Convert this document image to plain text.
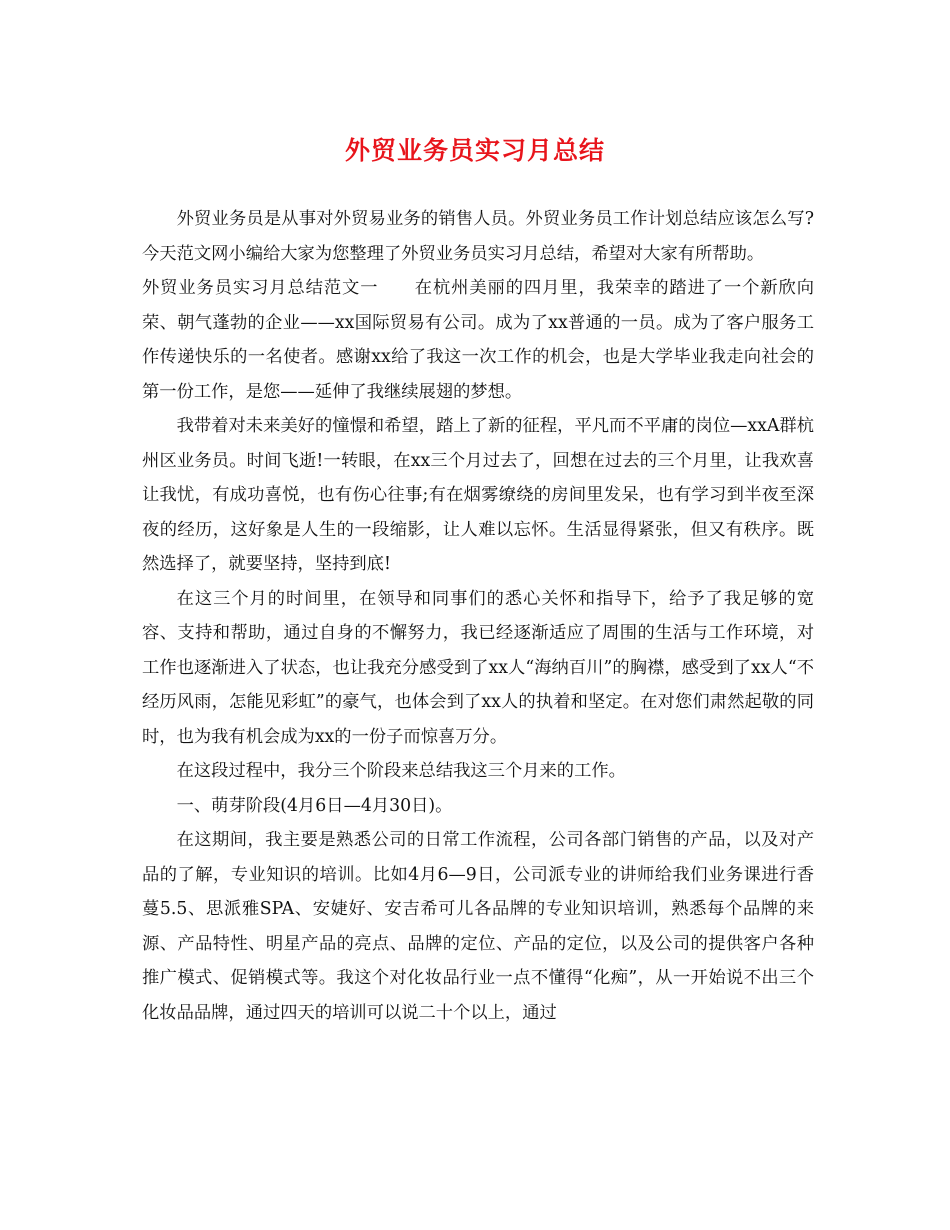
外贸业务员实习月总结

外贸业务员是从事对外贸易业务的销售人员。外贸业务员工作计划总结应该怎么写?今天范文网小编给大家为您整理了外贸业务员实习月总结，希望对大家有所帮助。

外贸业务员实习月总结范文一　　在杭州美丽的四月里，我荣幸的踏进了一个新欣向荣、朝气蓬勃的企业——xx国际贸易有公司。成为了xx普通的一员。成为了客户服务工作传递快乐的一名使者。感谢xx给了我这一次工作的机会，也是大学毕业我走向社会的第一份工作，是您——延伸了我继续展翅的梦想。

我带着对未来美好的憧憬和希望，踏上了新的征程，平凡而不平庸的岗位—xxA群杭州区业务员。时间飞逝!一转眼，在xx三个月过去了，回想在过去的三个月里，让我欢喜让我忧，有成功喜悦，也有伤心往事;有在烟雾缭绕的房间里发呆，也有学习到半夜至深夜的经历，这好象是人生的一段缩影，让人难以忘怀。生活显得紧张，但又有秩序。既然选择了，就要坚持，坚持到底!

在这三个月的时间里，在领导和同事们的悉心关怀和指导下，给予了我足够的宽容、支持和帮助，通过自身的不懈努力，我已经逐渐适应了周围的生活与工作环境，对工作也逐渐进入了状态，也让我充分感受到了xx人“海纳百川”的胸襟，感受到了xx人“不经历风雨，怎能见彩虹”的豪气，也体会到了xx人的执着和坚定。在对您们肃然起敬的同时，也为我有机会成为xx的一份子而惊喜万分。

在这段过程中，我分三个阶段来总结我这三个月来的工作。

一、萌芽阶段(4月6日—4月30日)。

在这期间，我主要是熟悉公司的日常工作流程，公司各部门销售的产品，以及对产品的了解，专业知识的培训。比如4月6—9日，公司派专业的讲师给我们业务课进行香蔓5.5、思派雅SPA、安婕好、安吉希可儿各品牌的专业知识培训，熟悉每个品牌的来源、产品特性、明星产品的亮点、品牌的定位、产品的定位，以及公司的提供客户各种推广模式、促销模式等。我这个对化妆品行业一点不懂得“化痴”，从一开始说不出三个化妆品品牌，通过四天的培训可以说二十个以上，通过
